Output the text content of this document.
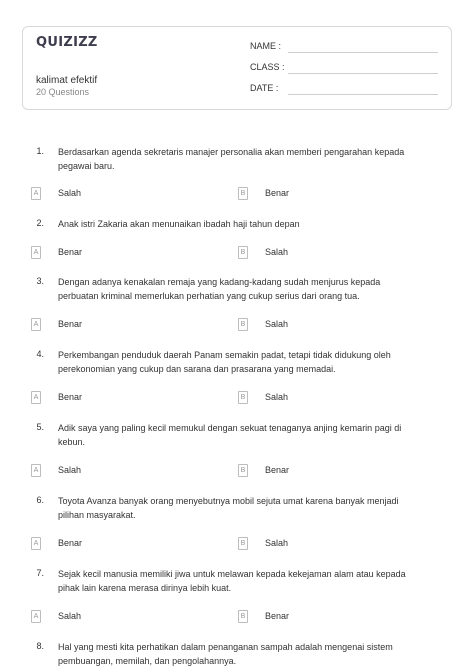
QUIZIZZ
kalimat efektif
20 Questions
NAME :
CLASS :
DATE :
1. Berdasarkan agenda sekretaris manajer personalia akan memberi pengarahan kepada
pegawai baru.
A Salah	B Benar
2. Anak istri Zakaria akan menunaikan ibadah haji tahun depan
A Benar	B Salah
3. Dengan adanya kenakalan remaja yang kadang-kadang sudah menjurus kepada
perbuatan kriminal memerlukan perhatian yang cukup serius dari orang tua.
A Benar	B Salah
4. Perkembangan penduduk daerah Panam semakin padat, tetapi tidak didukung oleh
perekonomian yang cukup dan sarana dan prasarana yang memadai.
A Benar	B Salah
5. Adik saya yang paling kecil memukul dengan sekuat tenaganya anjing kemarin pagi di
kebun.
A Salah	B Benar
6. Toyota Avanza banyak orang menyebutnya mobil sejuta umat karena banyak menjadi
pilihan masyarakat.
A Benar	B Salah
7. Sejak kecil manusia memiliki jiwa untuk melawan kepada kekejaman alam atau kepada
pihak lain karena merasa dirinya lebih kuat.
A Salah	B Benar
8. Hal yang mesti kita perhatikan dalam penanganan sampah adalah mengenai sistem
pembuangan, memilah, dan pengolahannya.
